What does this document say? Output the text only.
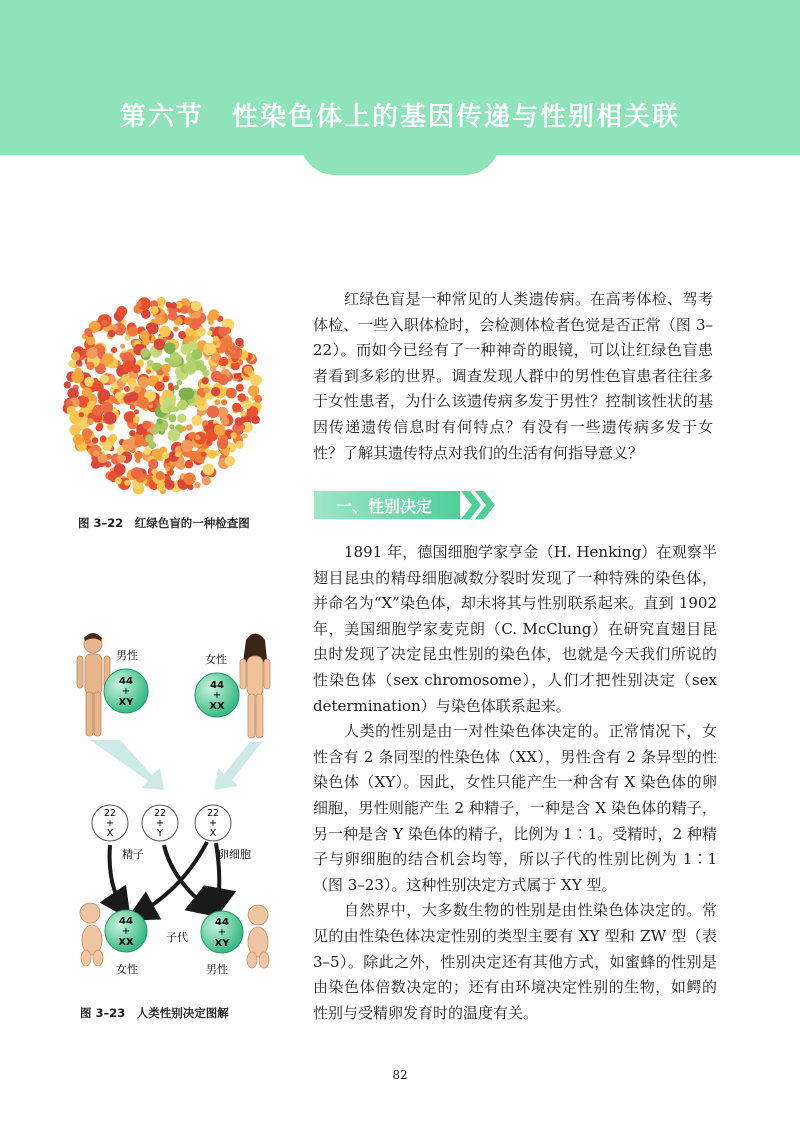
第六节　性染色体上的基因传递与性别相关联
图 3–22　红绿色盲的一种检查图

红绿色盲是一种常见的人类遗传病。在高考体检、驾考体检、一些入职体检时，会检测体检者色觉是否正常（图 3–22）。而如今已经有了一种神奇的眼镜，可以让红绿色盲患者看到多彩的世界。调查发现人群中的男性色盲患者往往多于女性患者，为什么该遗传病多发于男性？控制该性状的基因传递遗传信息时有何特点？有没有一些遗传病多发于女性？了解其遗传特点对我们的生活有何指导意义？

一、性别决定

1891 年，德国细胞学家亨金（H. Henking）在观察半翅目昆虫的精母细胞减数分裂时发现了一种特殊的染色体，并命名为“X”染色体，却未将其与性别联系起来。直到 1902 年，美国细胞学家麦克朗（C. McClung）在研究直翅目昆虫时发现了决定昆虫性别的染色体，也就是今天我们所说的性染色体（sex chromosome），人们才把性别决定（sex determination）与染色体联系起来。

人类的性别是由一对性染色体决定的。正常情况下，女性含有 2 条同型的性染色体（XX），男性含有 2 条异型的性染色体（XY）。因此，女性只能产生一种含有 X 染色体的卵细胞，男性则能产生 2 种精子，一种是含 X 染色体的精子，另一种是含 Y 染色体的精子，比例为 1∶1。受精时，2 种精子与卵细胞的结合机会均等，所以子代的性别比例为 1∶1（图 3–23）。这种性别决定方式属于 XY 型。

自然界中，大多数生物的性别是由性染色体决定的。常见的由性染色体决定性别的类型主要有 XY 型和 ZW 型（表 3–5）。除此之外，性别决定还有其他方式，如蜜蜂的性别是由染色体倍数决定的；还有由环境决定性别的生物，如鳄的性别与受精卵发育时的温度有关。

男性
44
+
XY
女性
44
+
XX
22
+
X
22
+
Y
22
+
X
精子	卵细胞
44
+
XX	子代
44
+
XY
女性	男性
图 3–23　人类性别决定图解
82
